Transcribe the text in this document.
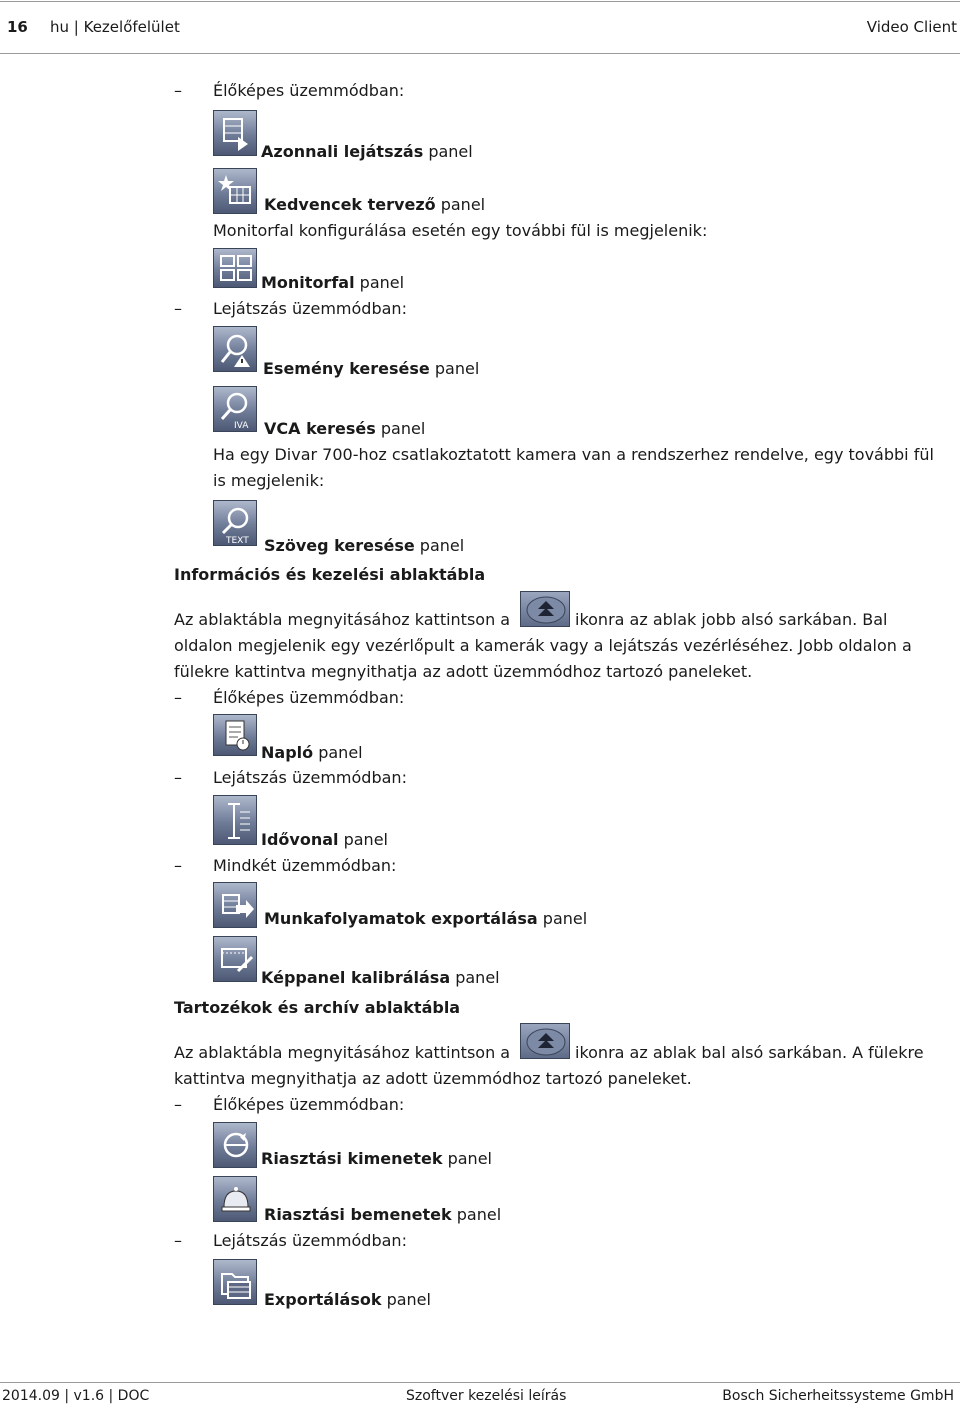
16 hu | Kezelőfelület	Video Client
– Élőképes üzemmódban:
Azonnali lejátszás panel
Kedvencek tervező panel
Monitorfal konfigurálása esetén egy további fül is megjelenik:
Monitorfal panel
– Lejátszás üzemmódban:
Esemény keresése panel
IVA VCA keresés panel
Ha egy Divar 700-hoz csatlakoztatott kamera van a rendszerhez rendelve, egy további fül
is megjelenik:
TEXT Szöveg keresése panel
Információs és kezelési ablaktábla
Az ablaktábla megnyitásához kattintson a	ikonra az ablak jobb alsó sarkában. Bal
oldalon megjelenik egy vezérlőpult a kamerák vagy a lejátszás vezérléséhez. Jobb oldalon a
fülekre kattintva megnyithatja az adott üzemmódhoz tartozó paneleket.
– Élőképes üzemmódban:
Napló panel
– Lejátszás üzemmódban:
Idővonal panel
– Mindkét üzemmódban:
Munkafolyamatok exportálása panel
Képpanel kalibrálása panel
Tartozékok és archív ablaktábla
Az ablaktábla megnyitásához kattintson a	ikonra az ablak bal alsó sarkában. A fülekre
kattintva megnyithatja az adott üzemmódhoz tartozó paneleket.
– Élőképes üzemmódban:
Riasztási kimenetek panel
Riasztási bemenetek panel
– Lejátszás üzemmódban:
Exportálások panel
2014.09 | v1.6 | DOC	Szoftver kezelési leírás	Bosch Sicherheitssysteme GmbH
